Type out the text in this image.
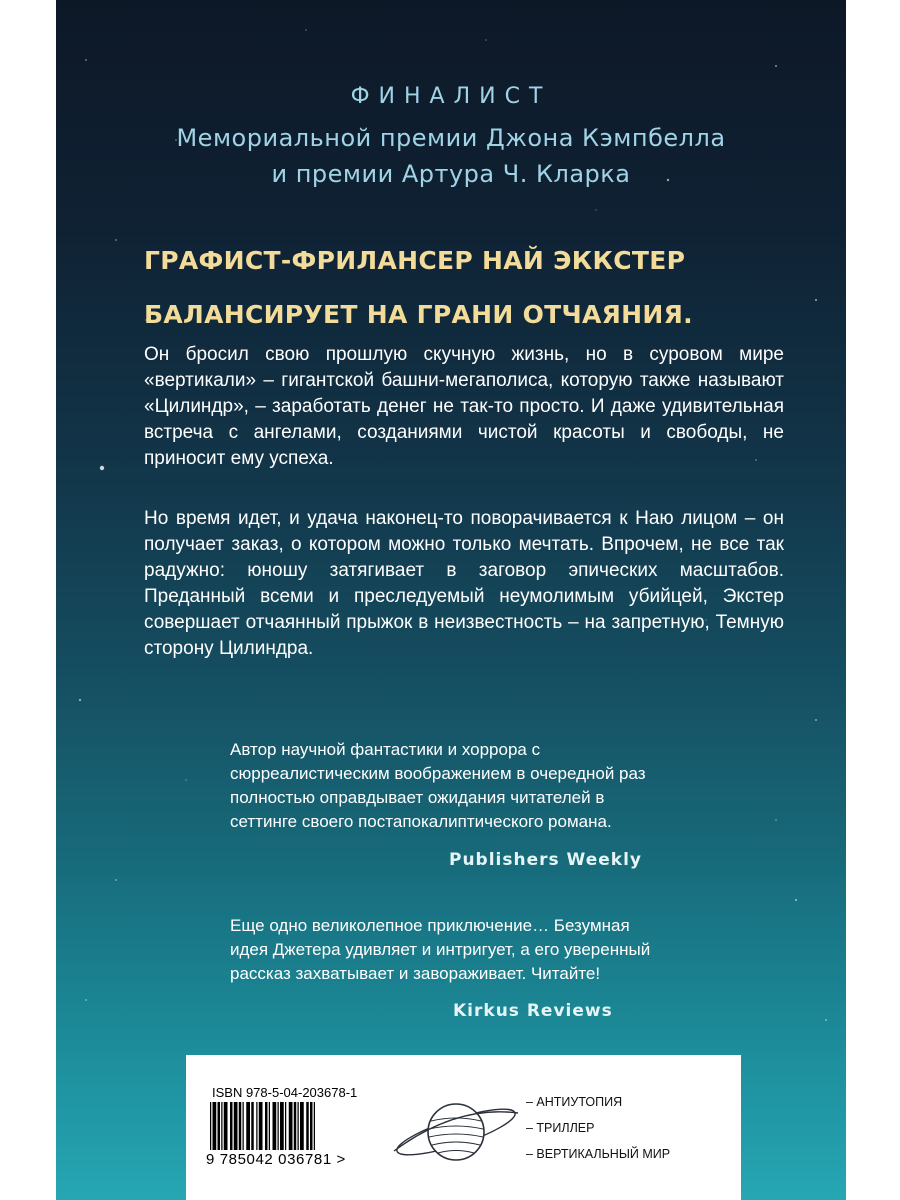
ФИНАЛИСТ
Мемориальной премии Джона Кэмпбелла
и премии Артура Ч. Кларка
ГРАФИСТ-ФРИЛАНСЕР НАЙ ЭККСТЕР
БАЛАНСИРУЕТ НА ГРАНИ ОТЧАЯНИЯ.
Он бросил свою прошлую скучную жизнь, но в суровом мире «вертикали» – гигантской башни-мегаполиса, которую также называют «Цилиндр», – заработать денег не так-то просто. И даже удивительная встреча с ангелами, созданиями чистой красоты и свободы, не приносит ему успеха.
Но время идет, и удача наконец-то поворачивается к Наю лицом – он получает заказ, о котором можно только мечтать. Впрочем, не все так радужно: юношу затягивает в заговор эпических масштабов. Преданный всеми и преследуемый неумолимым убийцей, Экстер совершает отчаянный прыжок в неизвестность – на запретную, Темную сторону Цилиндра.
Автор научной фантастики и хоррора с сюрреалистическим воображением в очередной раз полностью оправдывает ожидания читателей в сеттинге своего постапокалиптического романа.
Publishers Weekly
Еще одно великолепное приключение… Безумная идея Джетера удивляет и интригует, а его уверенный рассказ захватывает и завораживает. Читайте!
Kirkus Reviews
ISBN 978-5-04-203678-1
9 785042 036781 >
– АНТИУТОПИЯ
– ТРИЛЛЕР
– ВЕРТИКАЛЬНЫЙ МИР
